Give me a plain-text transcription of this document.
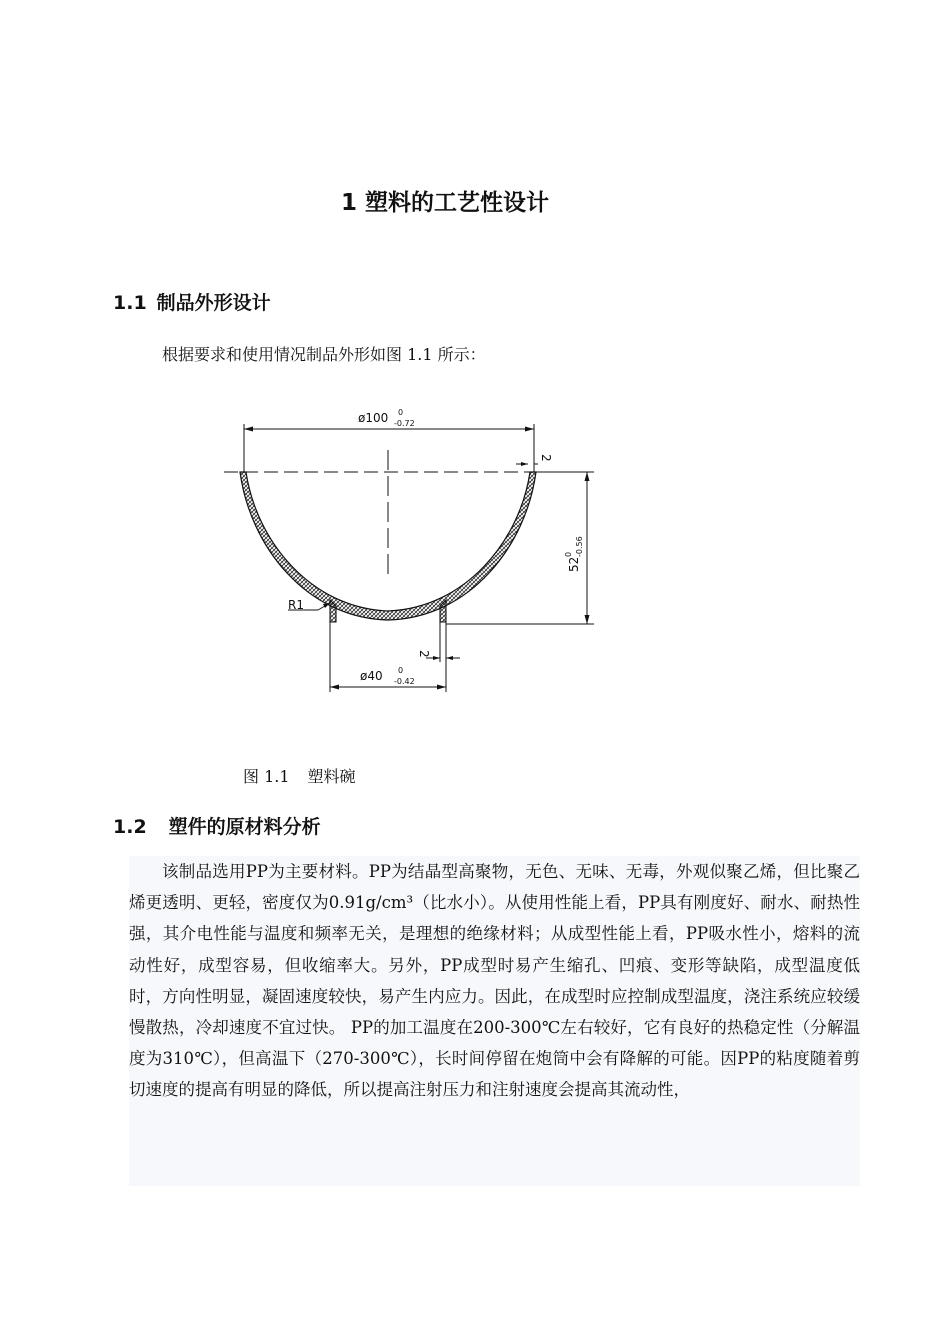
1 塑料的工艺性设计
1.1 制品外形设计

根据要求和使用情况制品外形如图 1.1 所示：

ø100 0
-0.72
2
52
0 -0.56
R1
ø40 0
-0.42
2

图 1.1 塑料碗

1.2 塑件的原材料分析

该制品选用PP为主要材料。PP为结晶型高聚物，无色、无味、无毒，外观似聚乙烯，但比聚乙烯更透明、更轻，密度仅为0.91g/cm³（比水小）。从使用性能上看，PP具有刚度好、耐水、耐热性强，其介电性能与温度和频率无关，是理想的绝缘材料；从成型性能上看，PP吸水性小，熔料的流动性好，成型容易，但收缩率大。另外，PP成型时易产生缩孔、凹痕、变形等缺陷，成型温度低时，方向性明显，凝固速度较快，易产生内应力。因此，在成型时应控制成型温度，浇注系统应较缓慢散热，冷却速度不宜过快。 PP的加工温度在200-300℃左右较好，它有良好的热稳定性（分解温度为310℃），但高温下（270-300℃），长时间停留在炮筒中会有降解的可能。因PP的粘度随着剪切速度的提高有明显的降低，所以提高注射压力和注射速度会提高其流动性，
